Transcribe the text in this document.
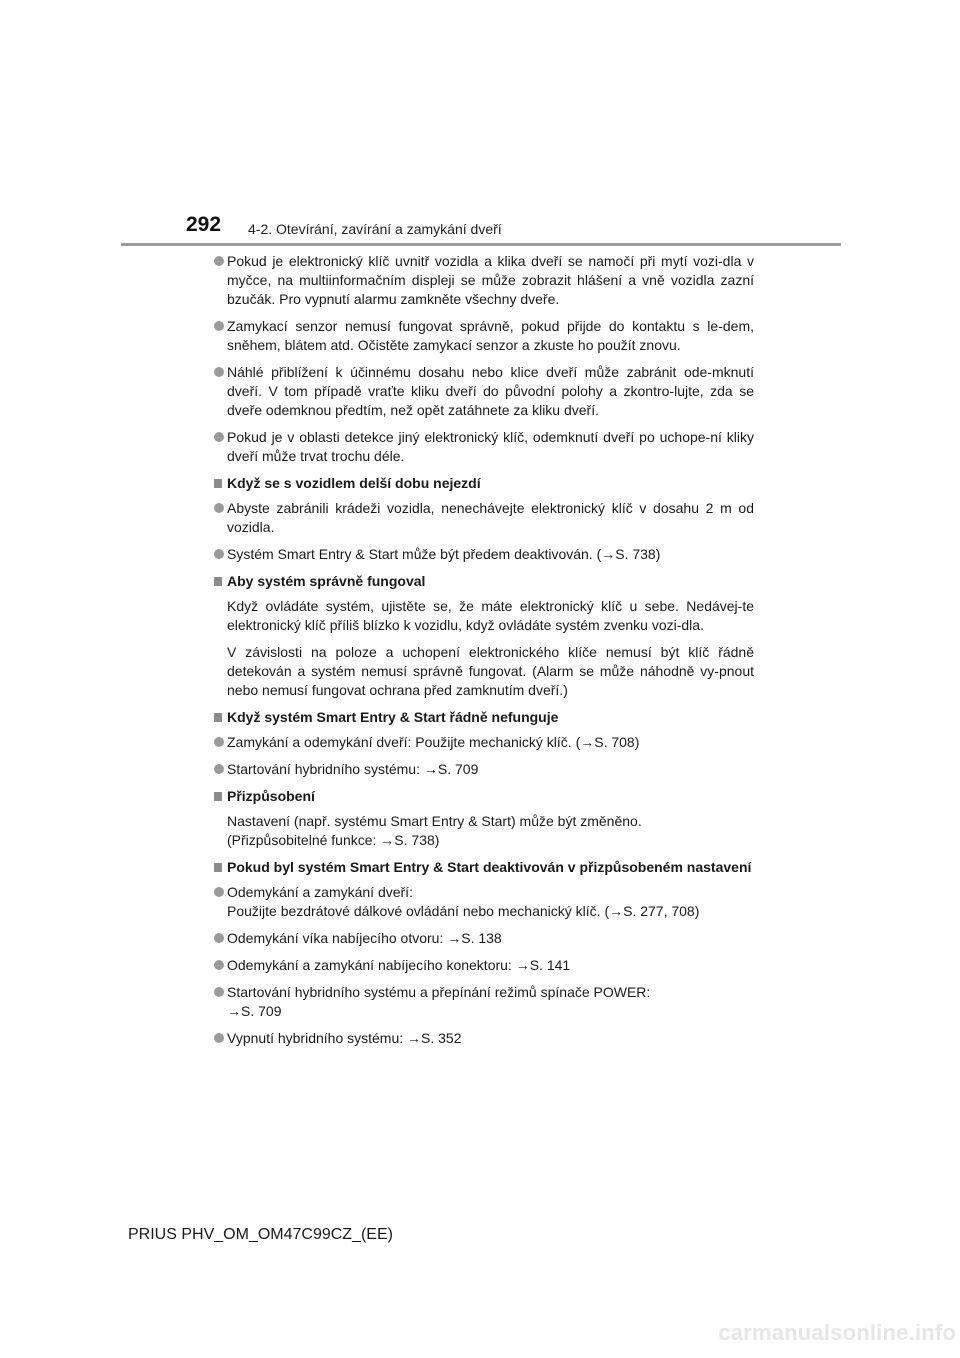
292 4-2. Otevírání, zavírání a zamykání dveří
Pokud je elektronický klíč uvnitř vozidla a klika dveří se namočí při mytí vozi-dla v myčce, na multiinformačním displeji se může zobrazit hlášení a vně vozidla zazní bzučák. Pro vypnutí alarmu zamkněte všechny dveře.
Zamykací senzor nemusí fungovat správně, pokud přijde do kontaktu s le-dem, sněhem, blátem atd. Očistěte zamykací senzor a zkuste ho použít znovu.
Náhlé přiblížení k účinnému dosahu nebo klice dveří může zabránit ode-mknutí dveří. V tom případě vraťte kliku dveří do původní polohy a zkontro-lujte, zda se dveře odemknou předtím, než opět zatáhnete za kliku dveří.
Pokud je v oblasti detekce jiný elektronický klíč, odemknutí dveří po uchope-ní kliky dveří může trvat trochu déle.
Když se s vozidlem delší dobu nejezdí
Abyste zabránili krádeži vozidla, nenechávejte elektronický klíč v dosahu 2 m od vozidla.
Systém Smart Entry & Start může být předem deaktivován. (→S. 738)
Aby systém správně fungoval
Když ovládáte systém, ujistěte se, že máte elektronický klíč u sebe. Nedávej-te elektronický klíč příliš blízko k vozidlu, když ovládáte systém zvenku vozi-dla.
V závislosti na poloze a uchopení elektronického klíče nemusí být klíč řádně detekován a systém nemusí správně fungovat. (Alarm se může náhodně vy-pnout nebo nemusí fungovat ochrana před zamknutím dveří.)
Když systém Smart Entry & Start řádně nefunguje
Zamykání a odemykání dveří: Použijte mechanický klíč. (→S. 708)
Startování hybridního systému: →S. 709
Přizpůsobení
Nastavení (např. systému Smart Entry & Start) může být změněno.
(Přizpůsobitelné funkce: →S. 738)
Pokud byl systém Smart Entry & Start deaktivován v přizpůsobeném nastavení
Odemykání a zamykání dveří:
Použijte bezdrátové dálkové ovládání nebo mechanický klíč. (→S. 277, 708)
Odemykání víka nabíjecího otvoru: →S. 138
Odemykání a zamykání nabíjecího konektoru: →S. 141
Startování hybridního systému a přepínání režimů spínače POWER:
→S. 709
Vypnutí hybridního systému: →S. 352
PRIUS PHV_OM_OM47C99CZ_(EE)
carmanualsonline.info
